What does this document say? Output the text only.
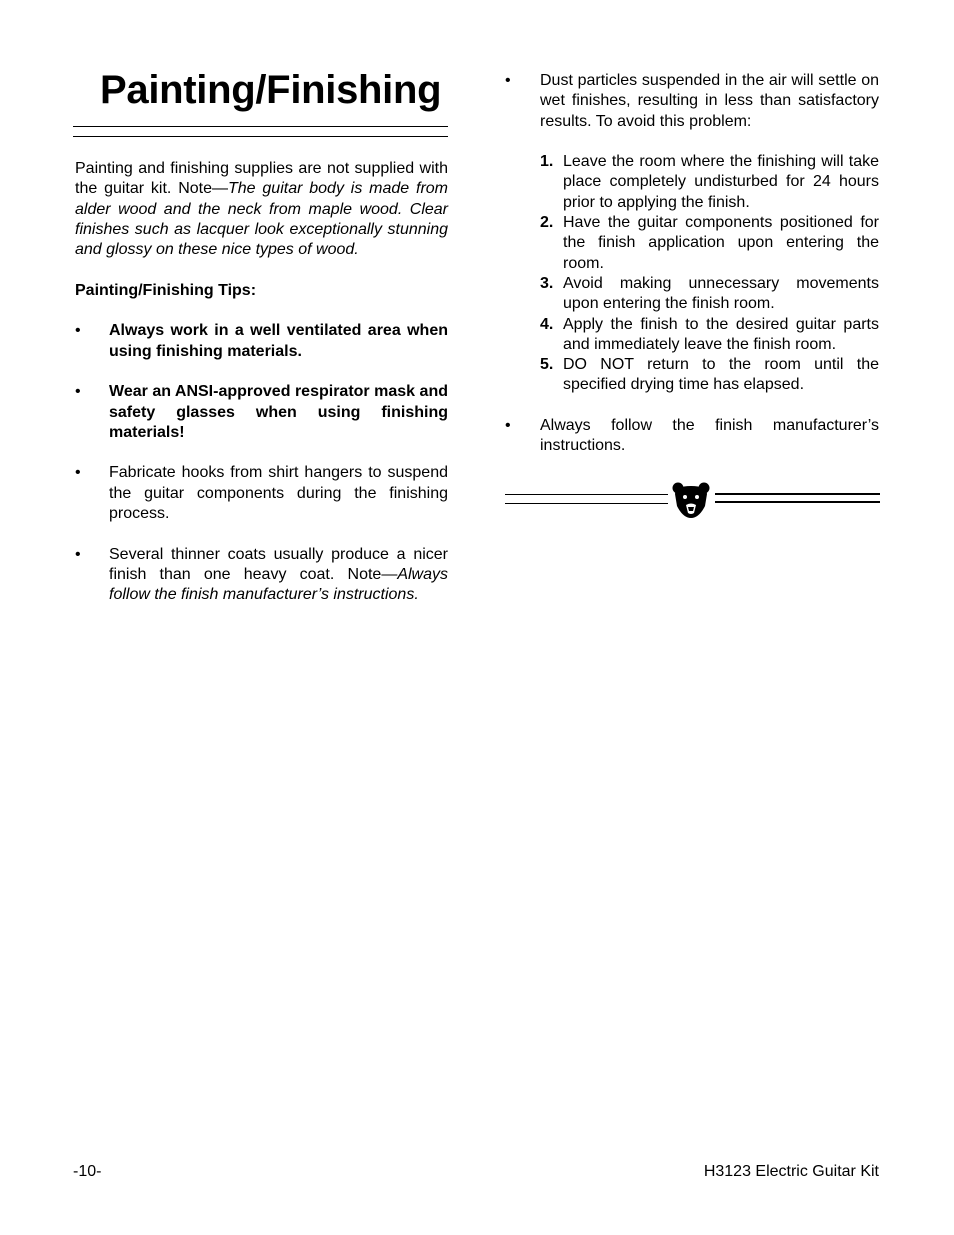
Painting/Finishing

Painting and finishing supplies are not supplied with the guitar kit. Note—The guitar body is made from alder wood and the neck from maple wood. Clear finishes such as lacquer look exceptionally stunning and glossy on these nice types of wood.

Painting/Finishing Tips:

• Always work in a well ventilated area when using finishing materials.
• Wear an ANSI-approved respirator mask and safety glasses when using finishing materials!
• Fabricate hooks from shirt hangers to suspend the guitar components during the finishing process.
• Several thinner coats usually produce a nicer finish than one heavy coat. Note—Always follow the finish manufacturer’s instructions.
• Dust particles suspended in the air will settle on wet finishes, resulting in less than satisfactory results. To avoid this problem:
1. Leave the room where the finishing will take place completely undisturbed for 24 hours prior to applying the finish.
2. Have the guitar components positioned for the finish application upon entering the room.
3. Avoid making unnecessary movements upon entering the finish room.
4. Apply the finish to the desired guitar parts and immediately leave the finish room.
5. DO NOT return to the room until the specified drying time has elapsed.
• Always follow the finish manufacturer’s instructions.
-10-	H3123 Electric Guitar Kit
